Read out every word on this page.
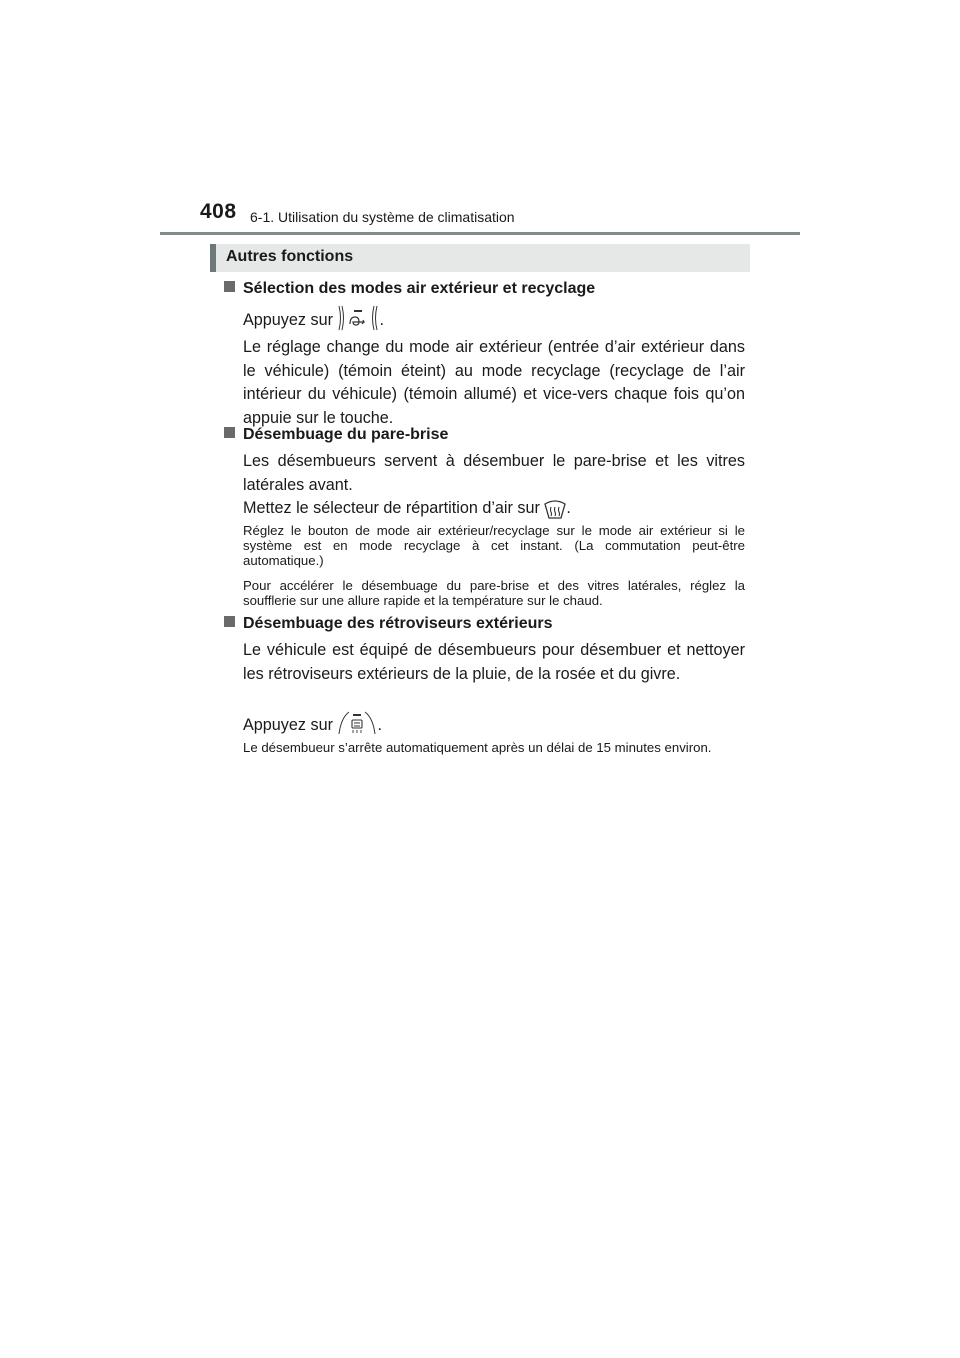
408 6-1. Utilisation du système de climatisation
Autres fonctions
Sélection des modes air extérieur et recyclage
Appuyez sur	.
Le réglage change du mode air extérieur (entrée d’air extérieur dans le véhicule) (témoin éteint) au mode recyclage (recyclage de l’air intérieur du véhicule) (témoin allumé) et vice-vers chaque fois qu’on appuie sur le touche.
Désembuage du pare-brise
Les désembueurs servent à désembuer le pare-brise et les vitres latérales avant.
Mettez le sélecteur de répartition d’air sur .
Réglez le bouton de mode air extérieur/recyclage sur le mode air extérieur si le système est en mode recyclage à cet instant. (La commutation peut-être automatique.)
Pour accélérer le désembuage du pare-brise et des vitres latérales, réglez la soufflerie sur une allure rapide et la température sur le chaud.
Désembuage des rétroviseurs extérieurs
Le véhicule est équipé de désembueurs pour désembuer et nettoyer les rétroviseurs extérieurs de la pluie, de la rosée et du givre.
Appuyez sur	.
Le désembueur s’arrête automatiquement après un délai de 15 minutes environ.
